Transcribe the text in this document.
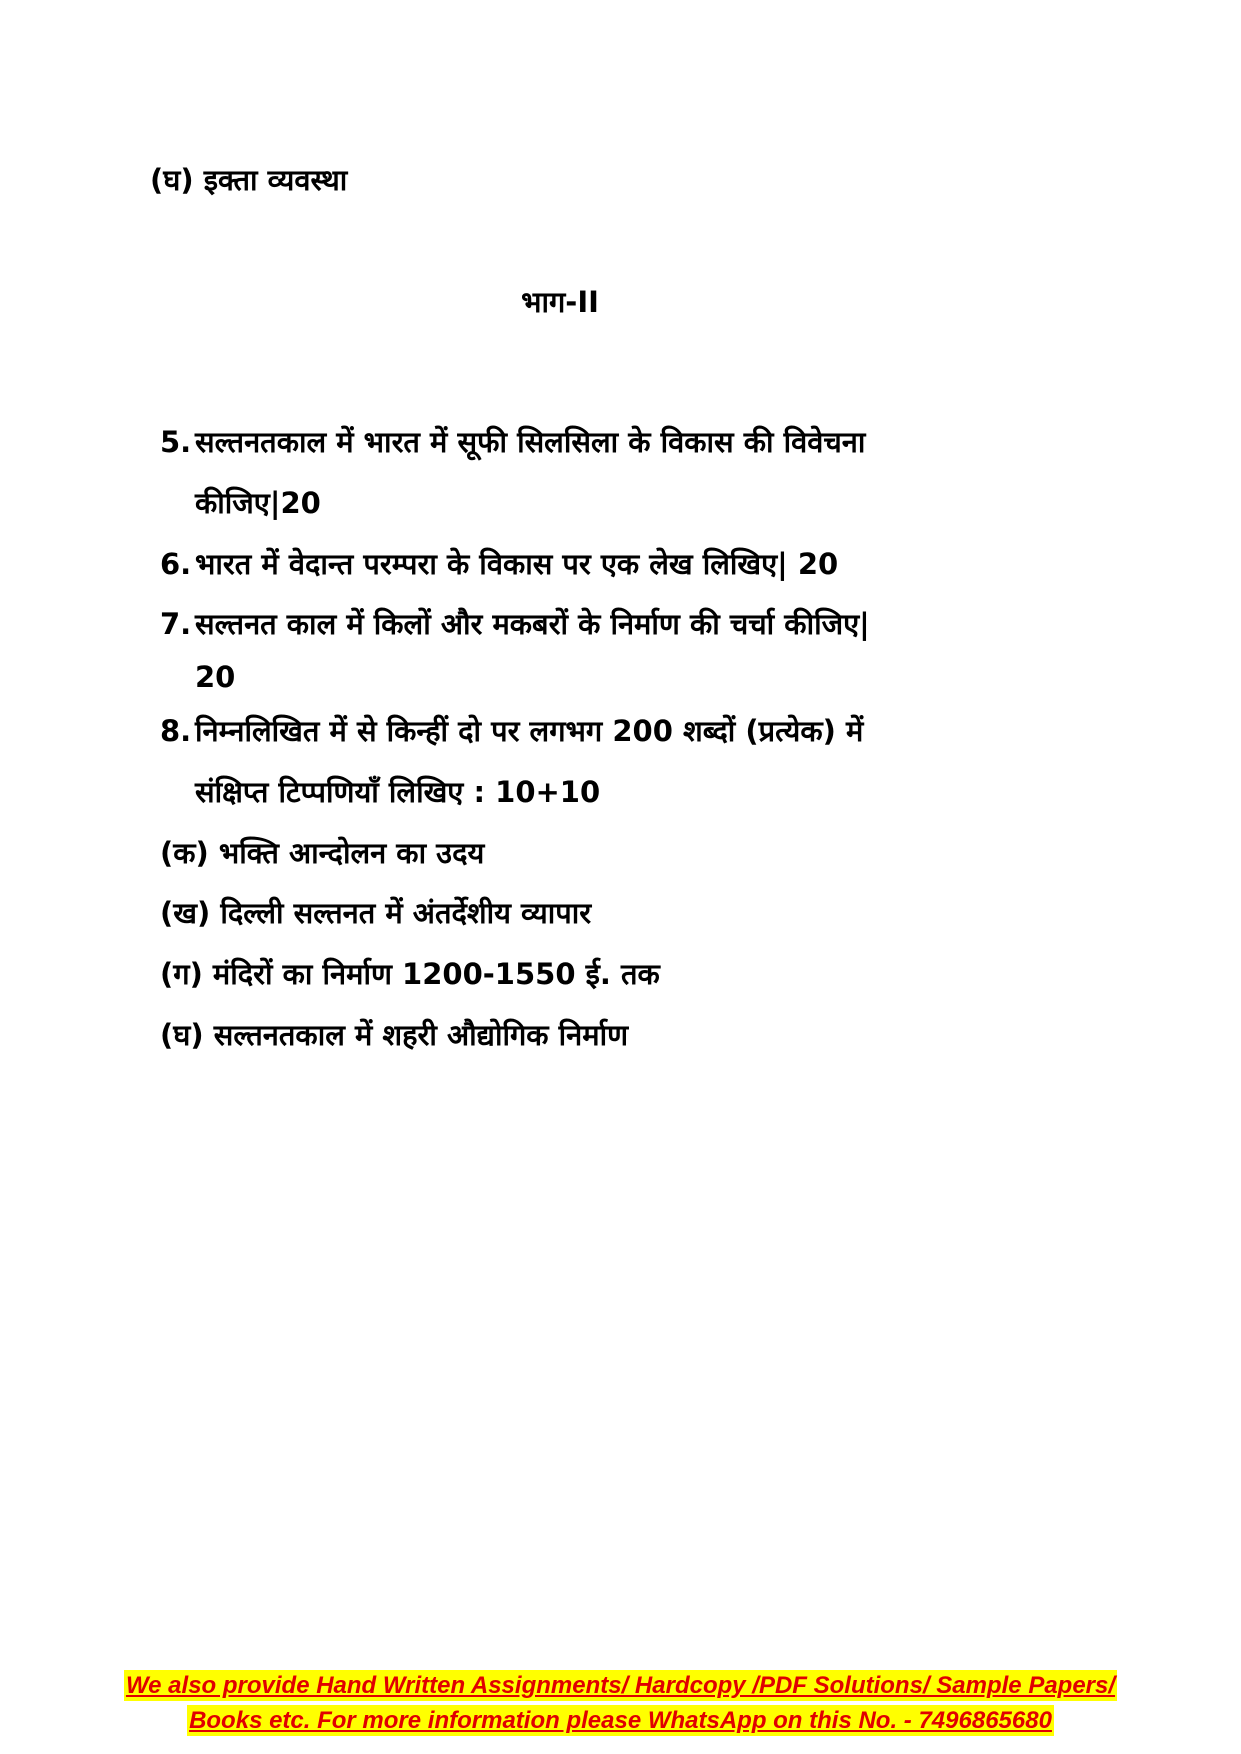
(घ) इक्ता व्यवस्था
भाग-II
5. सल्तनतकाल में भारत में सूफी सिलसिला के विकास की विवेचना
कीजिए|20
6. भारत में वेदान्त परम्परा के विकास पर एक लेख लिखिए| 20
7. सल्तनत काल में किलों और मकबरों के निर्माण की चर्चा कीजिए|
20
8. निम्नलिखित में से किन्हीं दो पर लगभग 200 शब्दों (प्रत्येक) में
संक्षिप्त टिप्पणियाँ लिखिए : 10+10
(क) भक्ति आन्दोलन का उदय
(ख) दिल्ली सल्तनत में अंतर्देशीय व्यापार
(ग) मंदिरों का निर्माण 1200-1550 ई. तक
(घ) सल्तनतकाल में शहरी औद्योगिक निर्माण
We also provide Hand Written Assignments/ Hardcopy /PDF Solutions/ Sample Papers/
Books etc. For more information please WhatsApp on this No. - 7496865680
